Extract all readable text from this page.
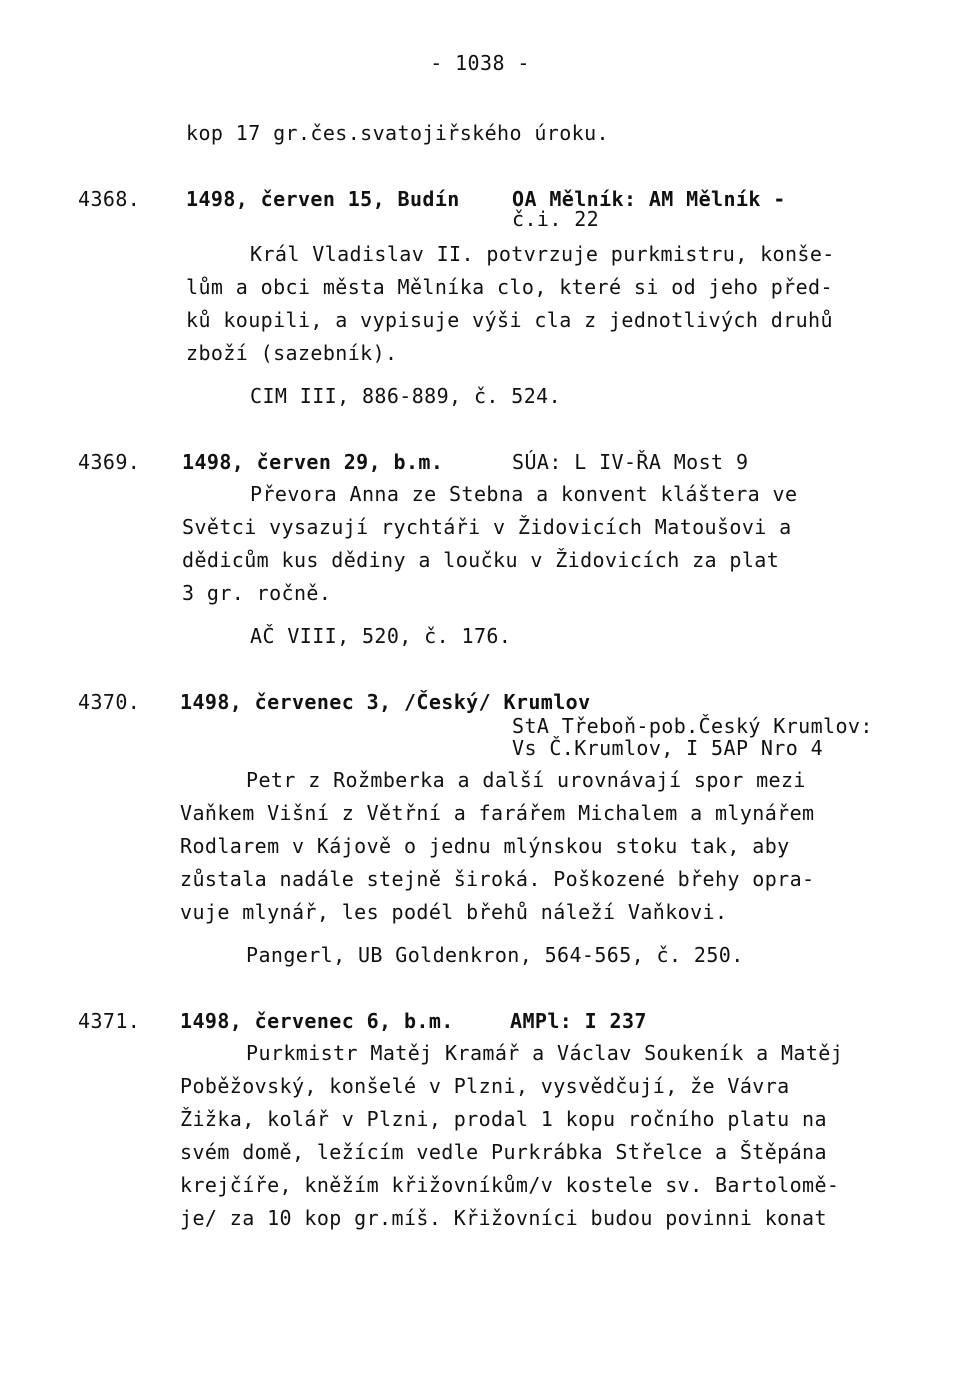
- 1038 -
kop 17 gr.čes.svatojiřského úroku.
4368. 1498, červen 15, Budín	OA Mělník: AM Mělník -
č.i. 22
Král Vladislav II. potvrzuje purkmistru, konše-
lům a obci města Mělníka clo, které si od jeho před-
ků koupili, a vypisuje výši cla z jednotlivých druhů
zboží (sazebník).
CIM III, 886-889, č. 524.
4369. 1498, červen 29, b.m.	SÚA: L IV-ŘA Most 9
Převora Anna ze Stebna a konvent kláštera ve
Světci vysazují rychtáři v Židovicích Matoušovi a
dědicům kus dědiny a loučku v Židovicích za plat
3 gr. ročně.
AČ VIII, 520, č. 176.
4370. 1498, červenec 3, /Český/ Krumlov
StA Třeboň-pob.Český Krumlov:
Vs Č.Krumlov, I 5AP Nro 4
Petr z Rožmberka a další urovnávají spor mezi
Vaňkem Višní z Větřní a farářem Michalem a mlynářem
Rodlarem v Kájově o jednu mlýnskou stoku tak, aby
zůstala nadále stejně široká. Poškozené břehy opra-
vuje mlynář, les podél břehů náleží Vaňkovi.
Pangerl, UB Goldenkron, 564-565, č. 250.
4371. 1498, červenec 6, b.m.	AMPl: I 237
Purkmistr Matěj Kramář a Václav Soukeník a Matěj
Poběžovský, konšelé v Plzni, vysvědčují, že Vávra
Žižka, kolář v Plzni, prodal 1 kopu ročního platu na
svém domě, ležícím vedle Purkrábka Střelce a Štěpána
krejčíře, kněžím křižovníkům/v kostele sv. Bartolomě-
je/ za 10 kop gr.míš. Křižovníci budou povinni konat
